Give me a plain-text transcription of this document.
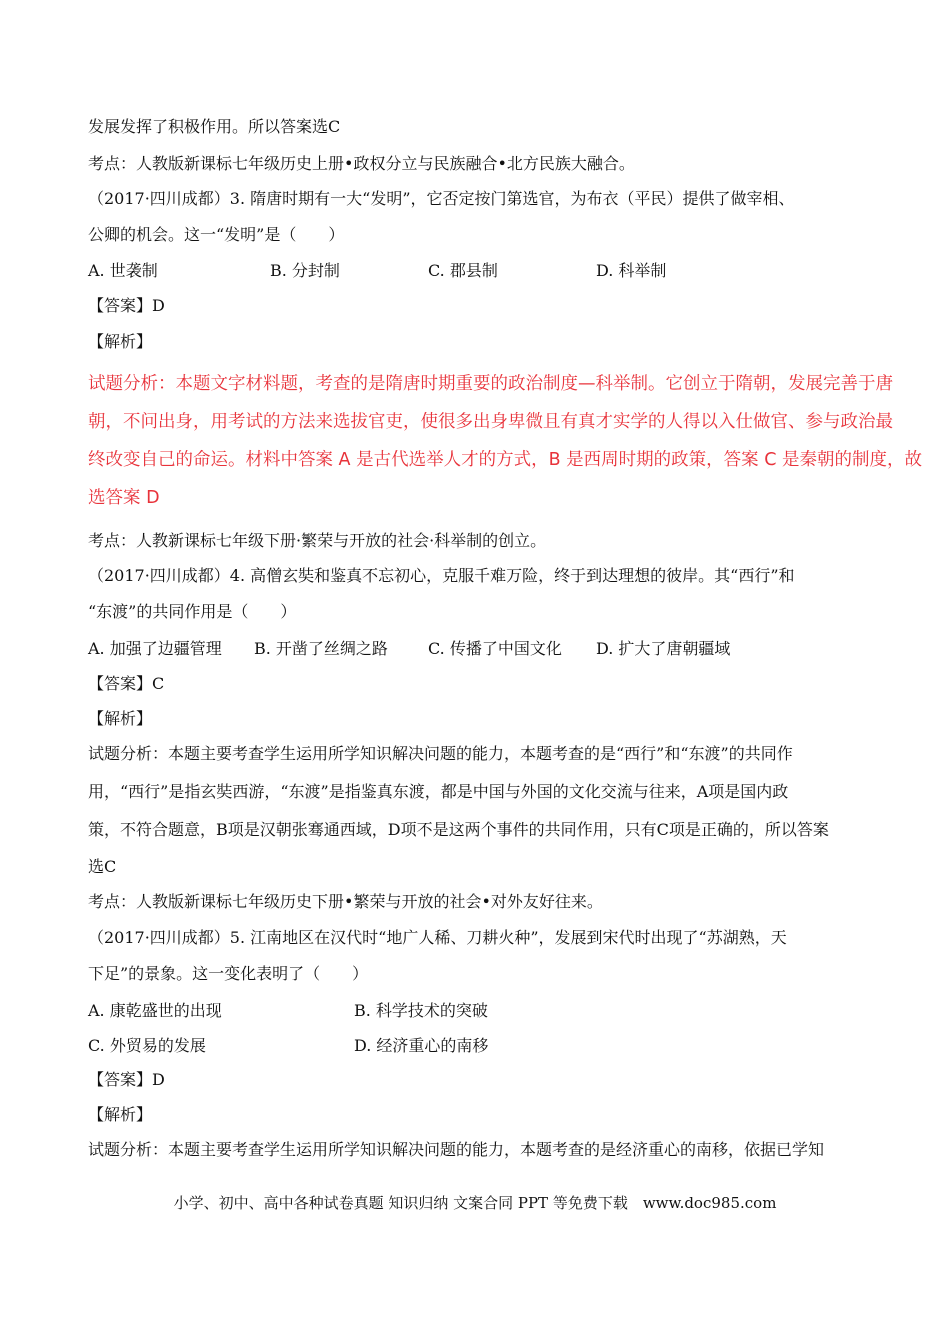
发展发挥了积极作用。所以答案选C
考点：人教版新课标七年级历史上册•政权分立与民族融合•北方民族大融合。
（2017·四川成都）3. 隋唐时期有一大“发明”，它否定按门第选官，为布衣（平民）提供了做宰相、
公卿的机会。这一“发明”是（　　）
A. 世袭制	B. 分封制	C. 郡县制	D. 科举制
【答案】D
【解析】
试题分析：本题文字材料题，考查的是隋唐时期重要的政治制度—科举制。它创立于隋朝，发展完善于唐
朝，不问出身，用考试的方法来选拔官吏，使很多出身卑微且有真才实学的人得以入仕做官、参与政治最
终改变自己的命运。材料中答案 A 是古代选举人才的方式，B 是西周时期的政策，答案 C 是秦朝的制度，故
选答案 D
考点：人教新课标七年级下册·繁荣与开放的社会·科举制的创立。
（2017·四川成都）4. 高僧玄奘和鉴真不忘初心，克服千难万险，终于到达理想的彼岸。其“西行”和
“东渡”的共同作用是（　　）
A. 加强了边疆管理 B. 开凿了丝绸之路	C. 传播了中国文化 D. 扩大了唐朝疆域
【答案】C
【解析】
试题分析：本题主要考查学生运用所学知识解决问题的能力，本题考查的是“西行”和“东渡”的共同作
用，“西行”是指玄奘西游，“东渡”是指鉴真东渡，都是中国与外国的文化交流与往来，A项是国内政
策，不符合题意，B项是汉朝张骞通西域，D项不是这两个事件的共同作用，只有C项是正确的，所以答案
选C
考点：人教版新课标七年级历史下册•繁荣与开放的社会•对外友好往来。
（2017·四川成都）5. 江南地区在汉代时“地广人稀、刀耕火种”，发展到宋代时出现了“苏湖熟，天
下足”的景象。这一变化表明了（　　）
A. 康乾盛世的出现	B. 科学技术的突破
C. 外贸易的发展	D. 经济重心的南移
【答案】D
【解析】
试题分析：本题主要考查学生运用所学知识解决问题的能力，本题考查的是经济重心的南移，依据已学知
小学、初中、高中各种试卷真题 知识归纳 文案合同 PPT 等免费下载　www.doc985.com
